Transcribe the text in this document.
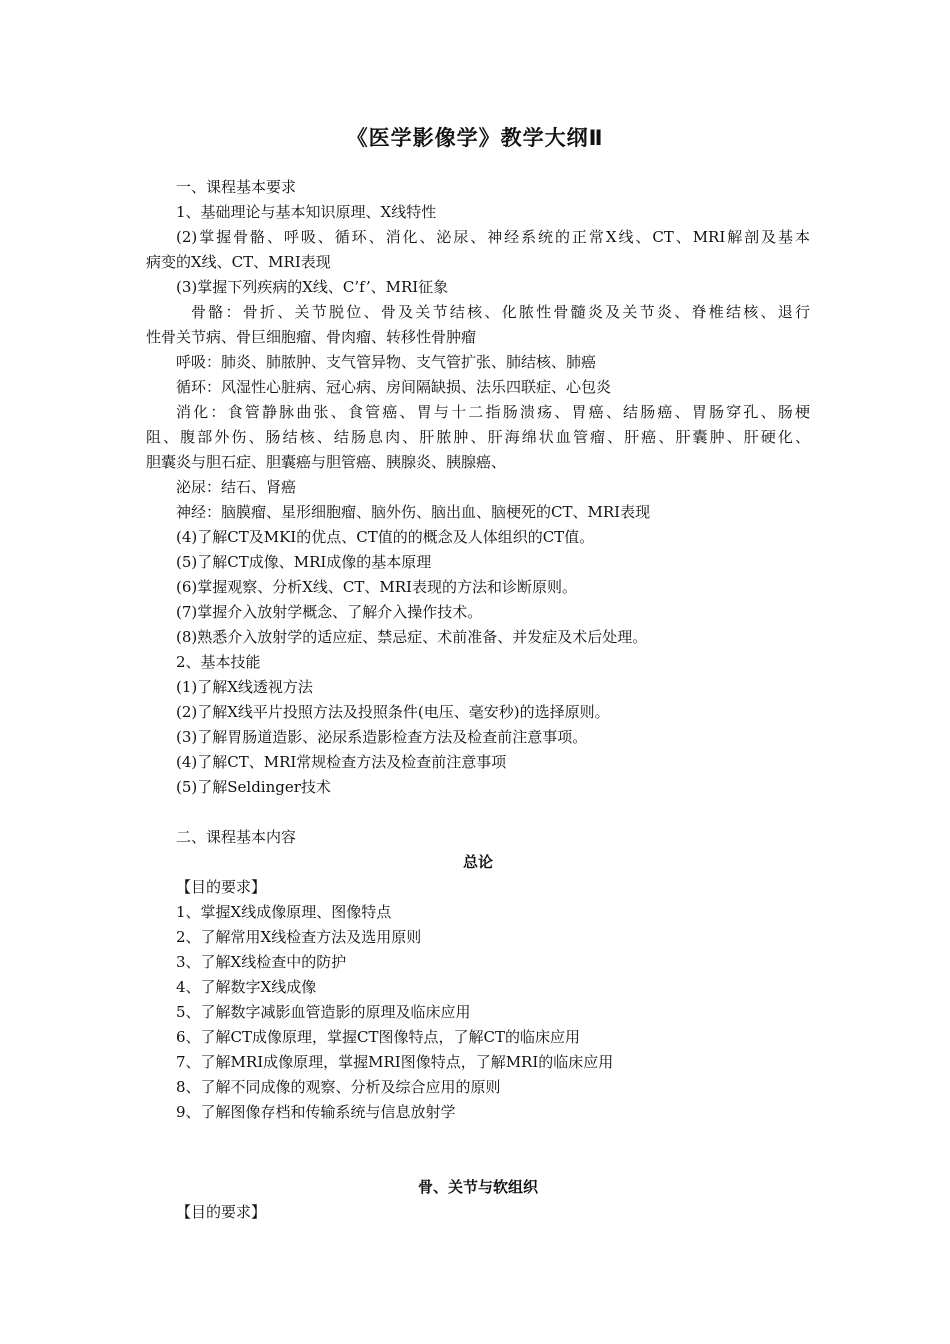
《医学影像学》教学大纲Ⅱ
一、课程基本要求
1、基础理论与基本知识原理、X线特性
(2)掌握骨骼、呼吸、循环、消化、泌尿、神经系统的正常X线、CT、MRI解剖及基本
病变的X线、CT、MRI表现
(3)掌握下列疾病的X线、C’f’、MRI征象
骨骼：骨折、关节脱位、骨及关节结核、化脓性骨髓炎及关节炎、脊椎结核、退行
性骨关节病、骨巨细胞瘤、骨肉瘤、转移性骨肿瘤
呼吸：肺炎、肺脓肿、支气管异物、支气管扩张、肺结核、肺癌
循环：风湿性心脏病、冠心病、房间隔缺损、法乐四联症、心包炎
消化：食管静脉曲张、食管癌、胃与十二指肠溃疡、胃癌、结肠癌、胃肠穿孔、肠梗
阻、腹部外伤、肠结核、结肠息肉、肝脓肿、肝海绵状血管瘤、肝癌、肝囊肿、肝硬化、
胆囊炎与胆石症、胆囊癌与胆管癌、胰腺炎、胰腺癌、
泌尿：结石、肾癌
神经：脑膜瘤、星形细胞瘤、脑外伤、脑出血、脑梗死的CT、MRI表现
(4)了解CT及MKI的优点、CT值的的概念及人体组织的CT值。
(5)了解CT成像、MRI成像的基本原理
(6)掌握观察、分析X线、CT、MRI表现的方法和诊断原则。
(7)掌握介入放射学概念、了解介入操作技术。
(8)熟悉介入放射学的适应症、禁忌症、术前准备、并发症及术后处理。
2、基本技能
(1)了解X线透视方法
(2)了解X线平片投照方法及投照条件(电压、毫安秒)的选择原则。
(3)了解胃肠道造影、泌尿系造影检查方法及检查前注意事项。
(4)了解CT、MRI常规检查方法及检查前注意事项
(5)了解Seldinger技术
二、课程基本内容
总论
【目的要求】
1、掌握X线成像原理、图像特点
2、了解常用X线检查方法及选用原则
3、了解X线检查中的防护
4、了解数字X线成像
5、了解数字减影血管造影的原理及临床应用
6、了解CT成像原理，掌握CT图像特点，了解CT的临床应用
7、了解MRI成像原理，掌握MRI图像特点，了解MRI的临床应用
8、了解不同成像的观察、分析及综合应用的原则
9、了解图像存档和传输系统与信息放射学
骨、关节与软组织
【目的要求】
